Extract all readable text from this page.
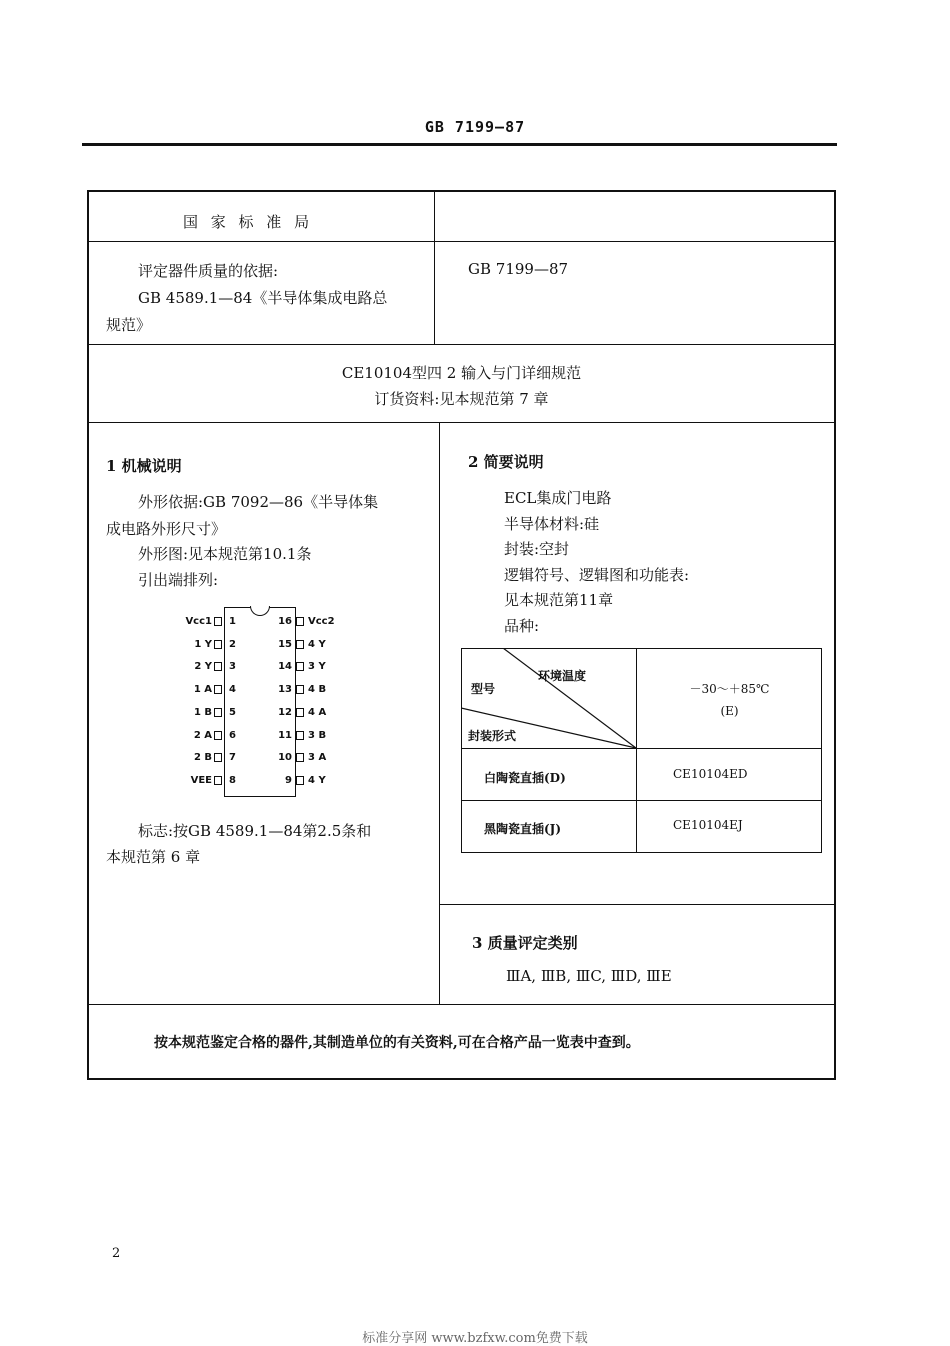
GB 7199—87
国 家 标 准 局
评定器件质量的依据:
GB 4589.1—84《半导体集成电路总
规范》
GB 7199—87
CE10104型四 2 输入与门详细规范
订货资料:见本规范第 7 章
1 机械说明
外形依据:GB 7092—86《半导体集
成电路外形尺寸》
外形图:见本规范第10.1条
引出端排列:
Vcc1 1
1 Y 2
2 Y 3
1 A 4
1 B 5
2 A 6
2 B 7
VEE 8
16 Vcc2
15 4 Y
14 3 Y
13 4 B
12 4 A
11 3 B
10 3 A
9 4 Y
标志:按GB 4589.1—84第2.5条和
本规范第 6 章
2 简要说明
ECL集成门电路
半导体材料:硅
封装:空封
逻辑符号、逻辑图和功能表:
见本规范第11章
品种:
环境温度
型号
封装形式
－30～＋85℃
(E)
白陶瓷直插(D)	CE10104ED
黑陶瓷直插(J)	CE10104EJ
3 质量评定类别
ⅢA, ⅢB, ⅢC, ⅢD, ⅢE
按本规范鉴定合格的器件,其制造单位的有关资料,可在合格产品一览表中查到。
2
标准分享网 www.bzfxw.com免费下载
